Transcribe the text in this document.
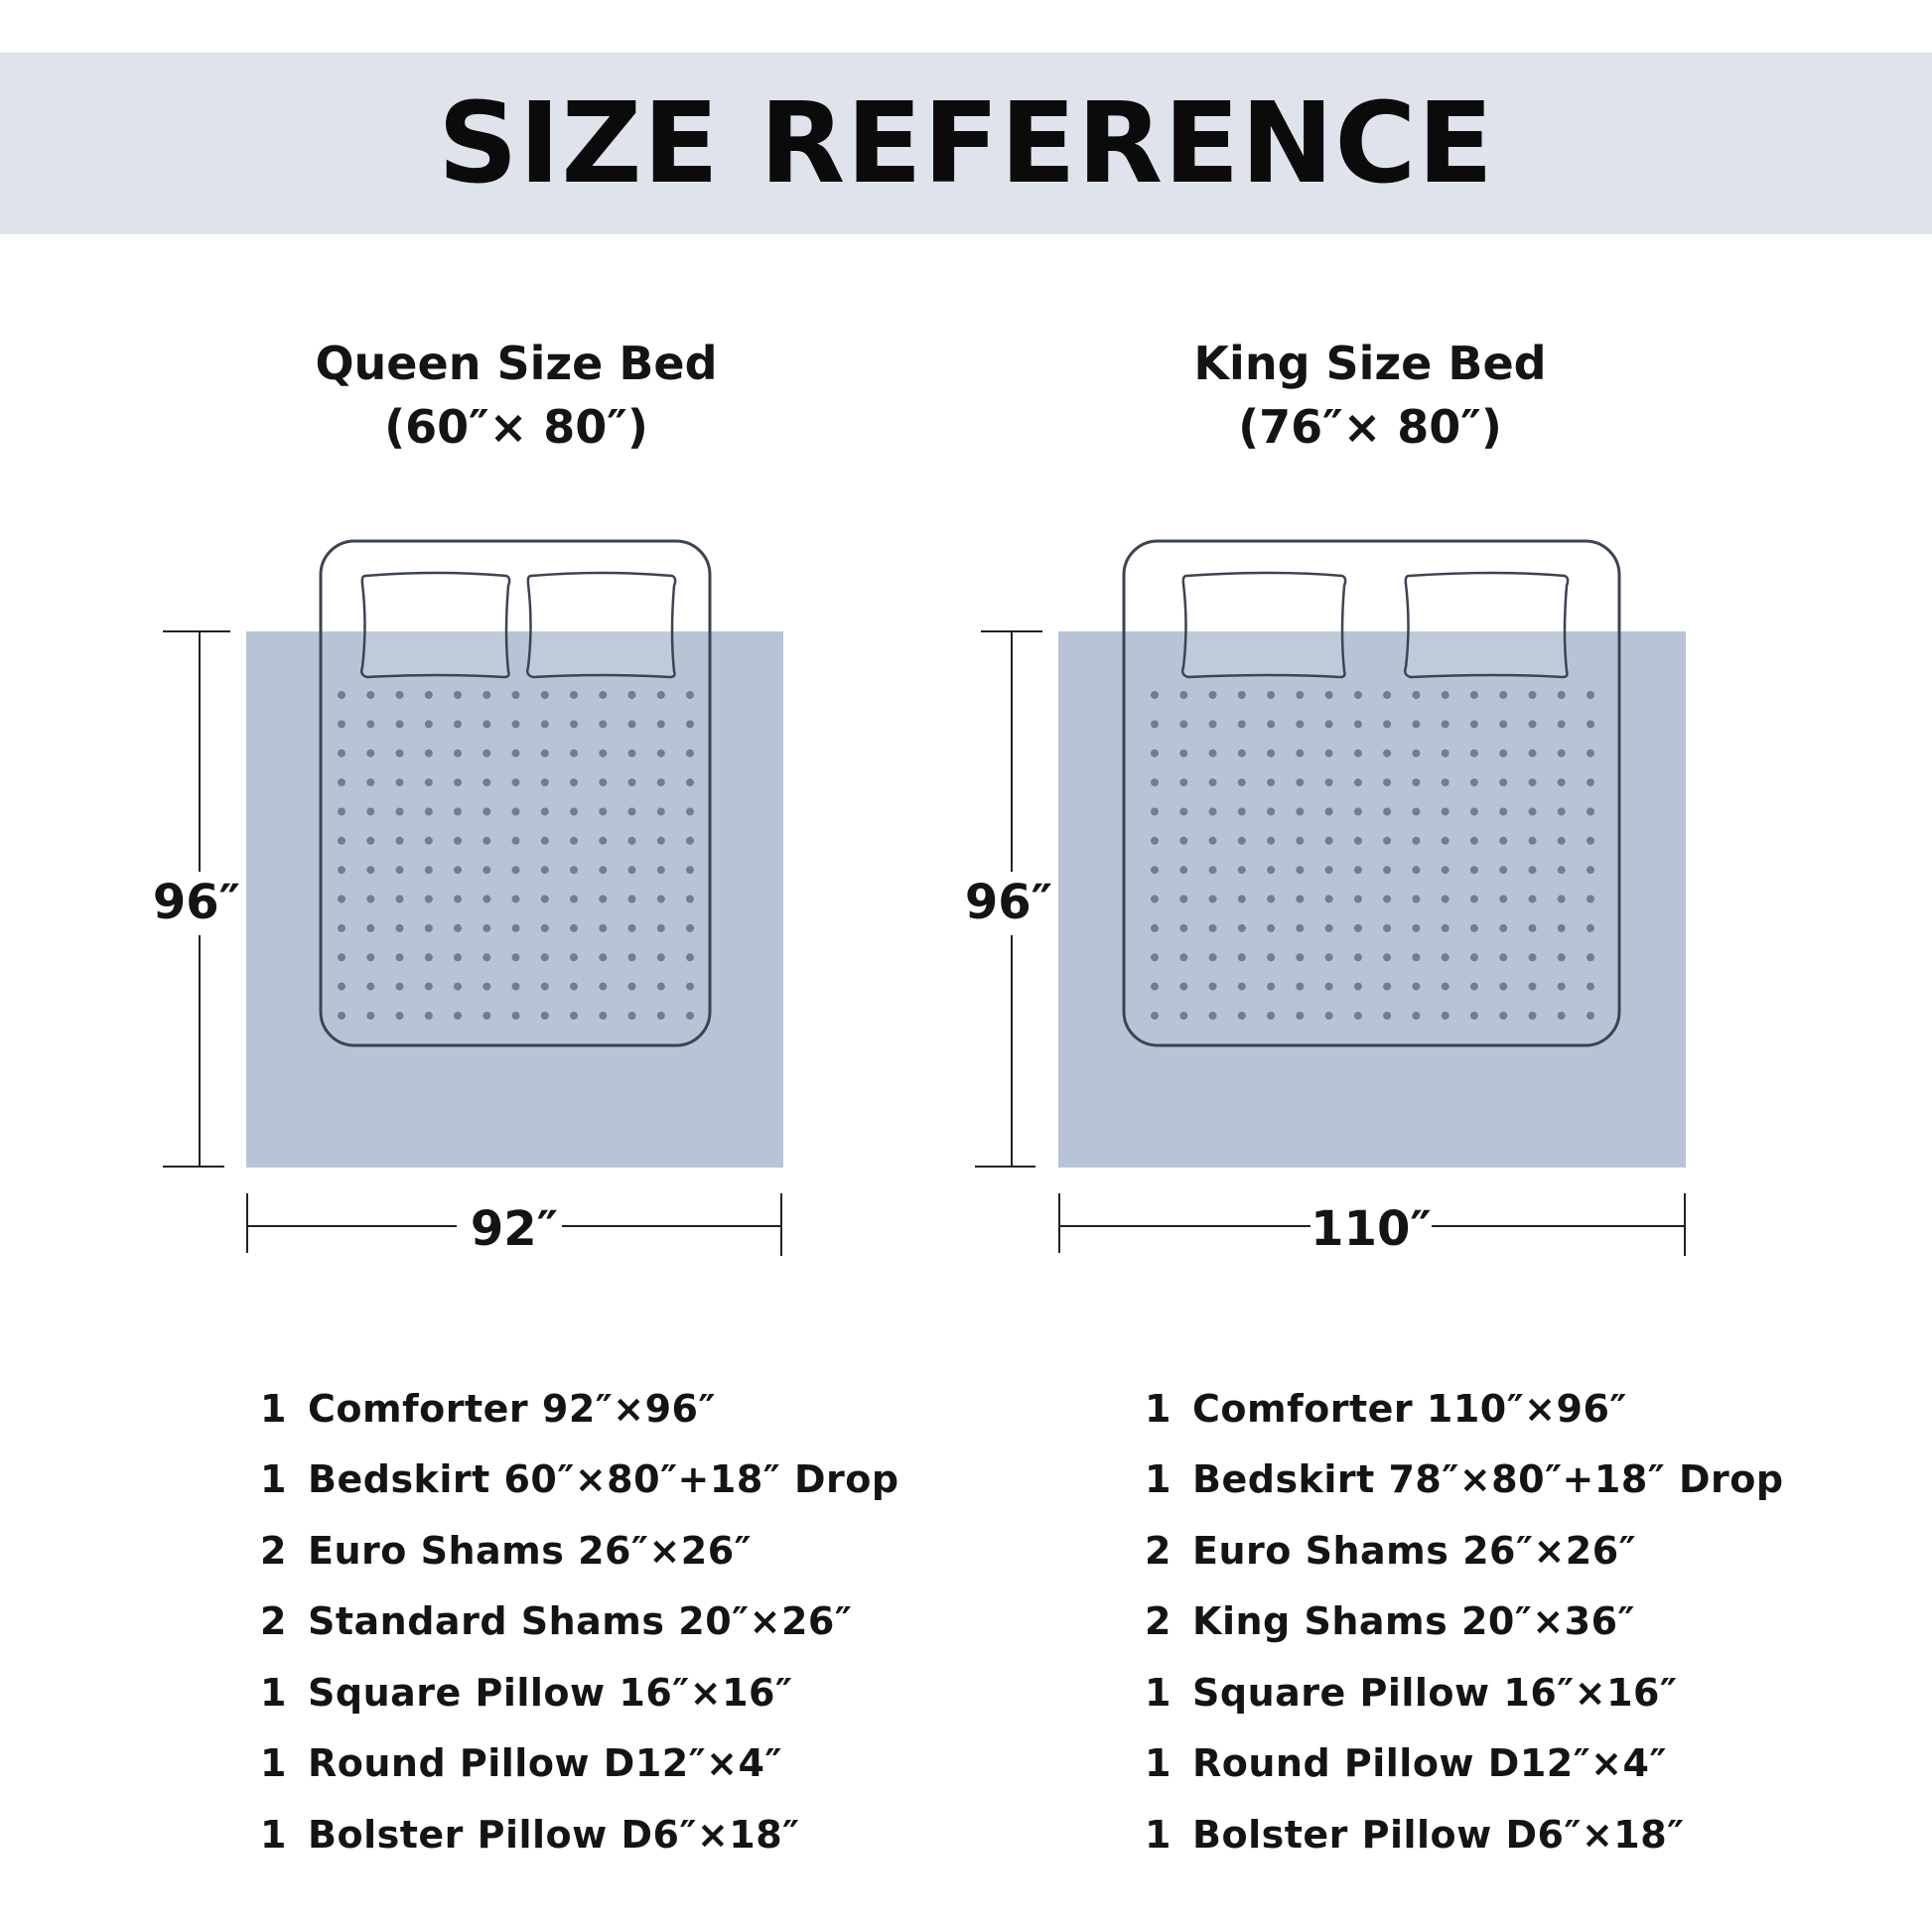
SIZE REFERENCE
Queen Size Bed
(60″× 80″)
King Size Bed
(76″× 80″)
96″
92″
96″
110″
1 Comforter 92″×96″
1 Bedskirt 60″×80″+18″ Drop
2 Euro Shams 26″×26″
2 Standard Shams 20″×26″
1 Square Pillow 16″×16″
1 Round Pillow D12″×4″
1 Bolster Pillow D6″×18″
1 Comforter 110″×96″
1 Bedskirt 78″×80″+18″ Drop
2 Euro Shams 26″×26″
2 King Shams 20″×36″
1 Square Pillow 16″×16″
1 Round Pillow D12″×4″
1 Bolster Pillow D6″×18″
